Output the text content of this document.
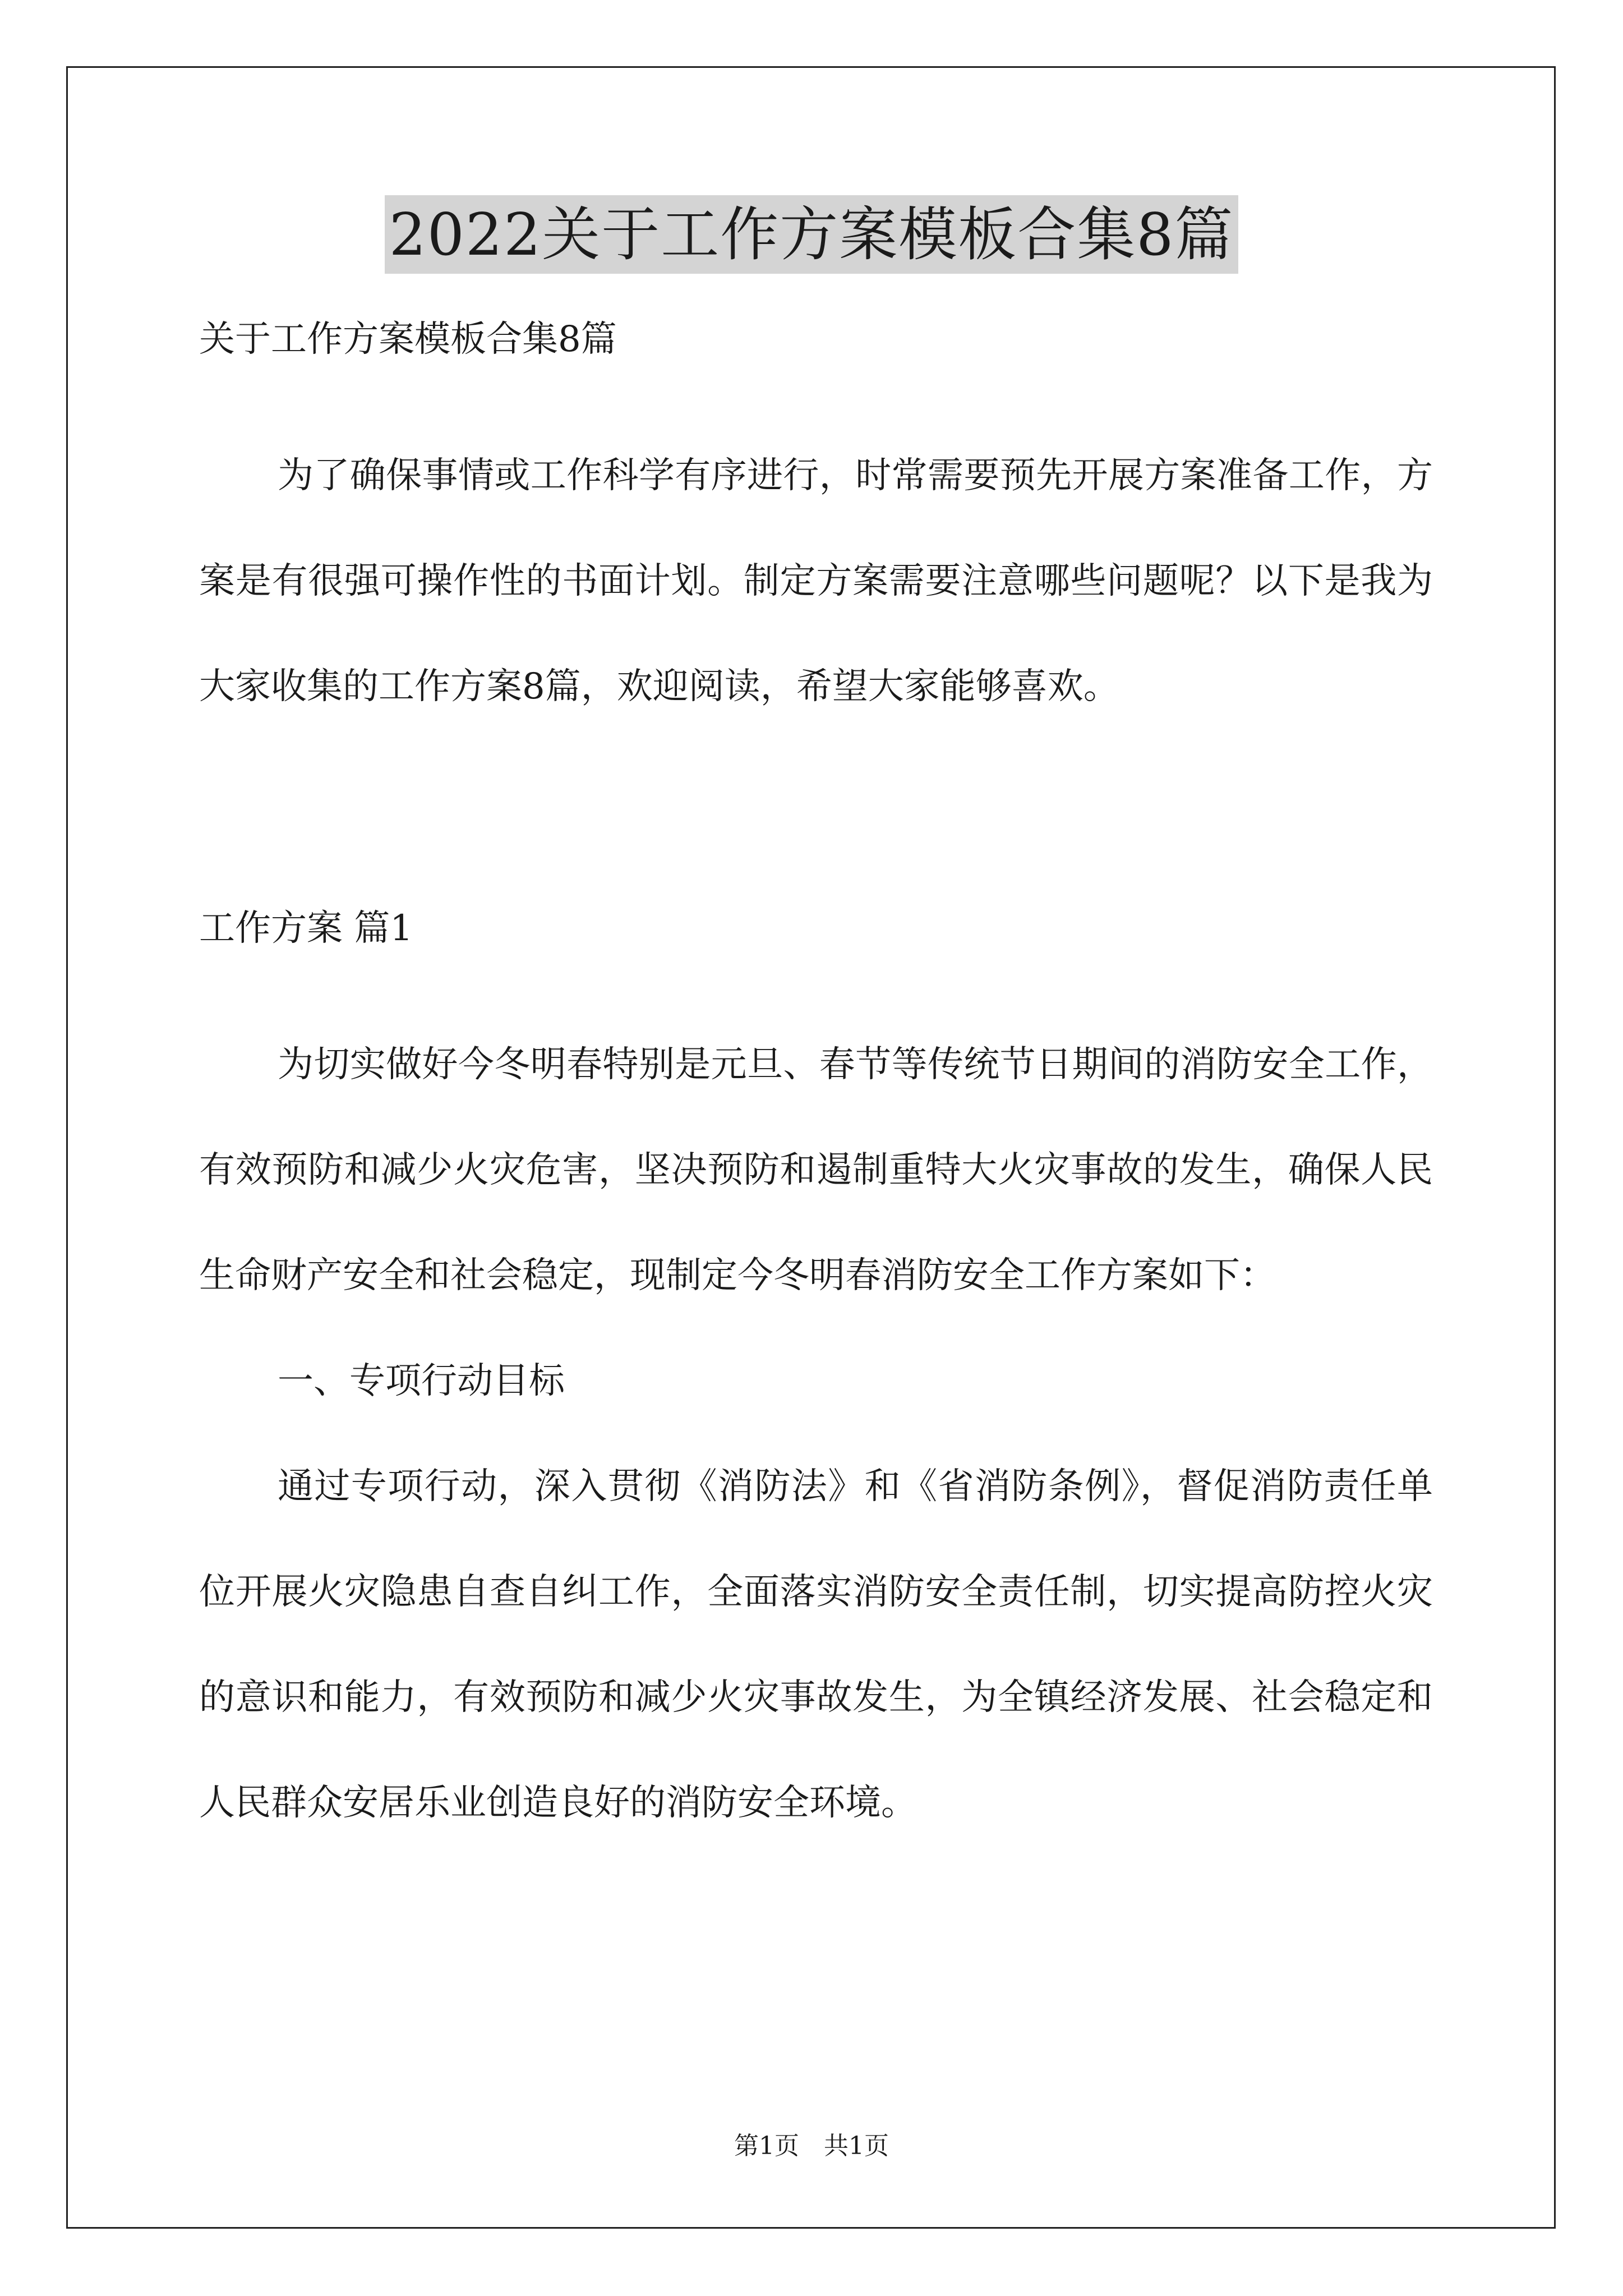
2022关于工作方案模板合集8篇

关于工作方案模板合集8篇

为了确保事情或工作科学有序进行，时常需要预先开展方案准备工作，方案是有很强可操作性的书面计划。制定方案需要注意哪些问题呢？以下是我为大家收集的工作方案8篇，欢迎阅读，希望大家能够喜欢。

工作方案 篇1

为切实做好今冬明春特别是元旦、春节等传统节日期间的消防安全工作，有效预防和减少火灾危害，坚决预防和遏制重特大火灾事故的发生，确保人民生命财产安全和社会稳定，现制定今冬明春消防安全工作方案如下：

一、专项行动目标

通过专项行动，深入贯彻《消防法》和《省消防条例》，督促消防责任单位开展火灾隐患自查自纠工作，全面落实消防安全责任制，切实提高防控火灾的意识和能力，有效预防和减少火灾事故发生，为全镇经济发展、社会稳定和人民群众安居乐业创造良好的消防安全环境。

第1页　共1页
